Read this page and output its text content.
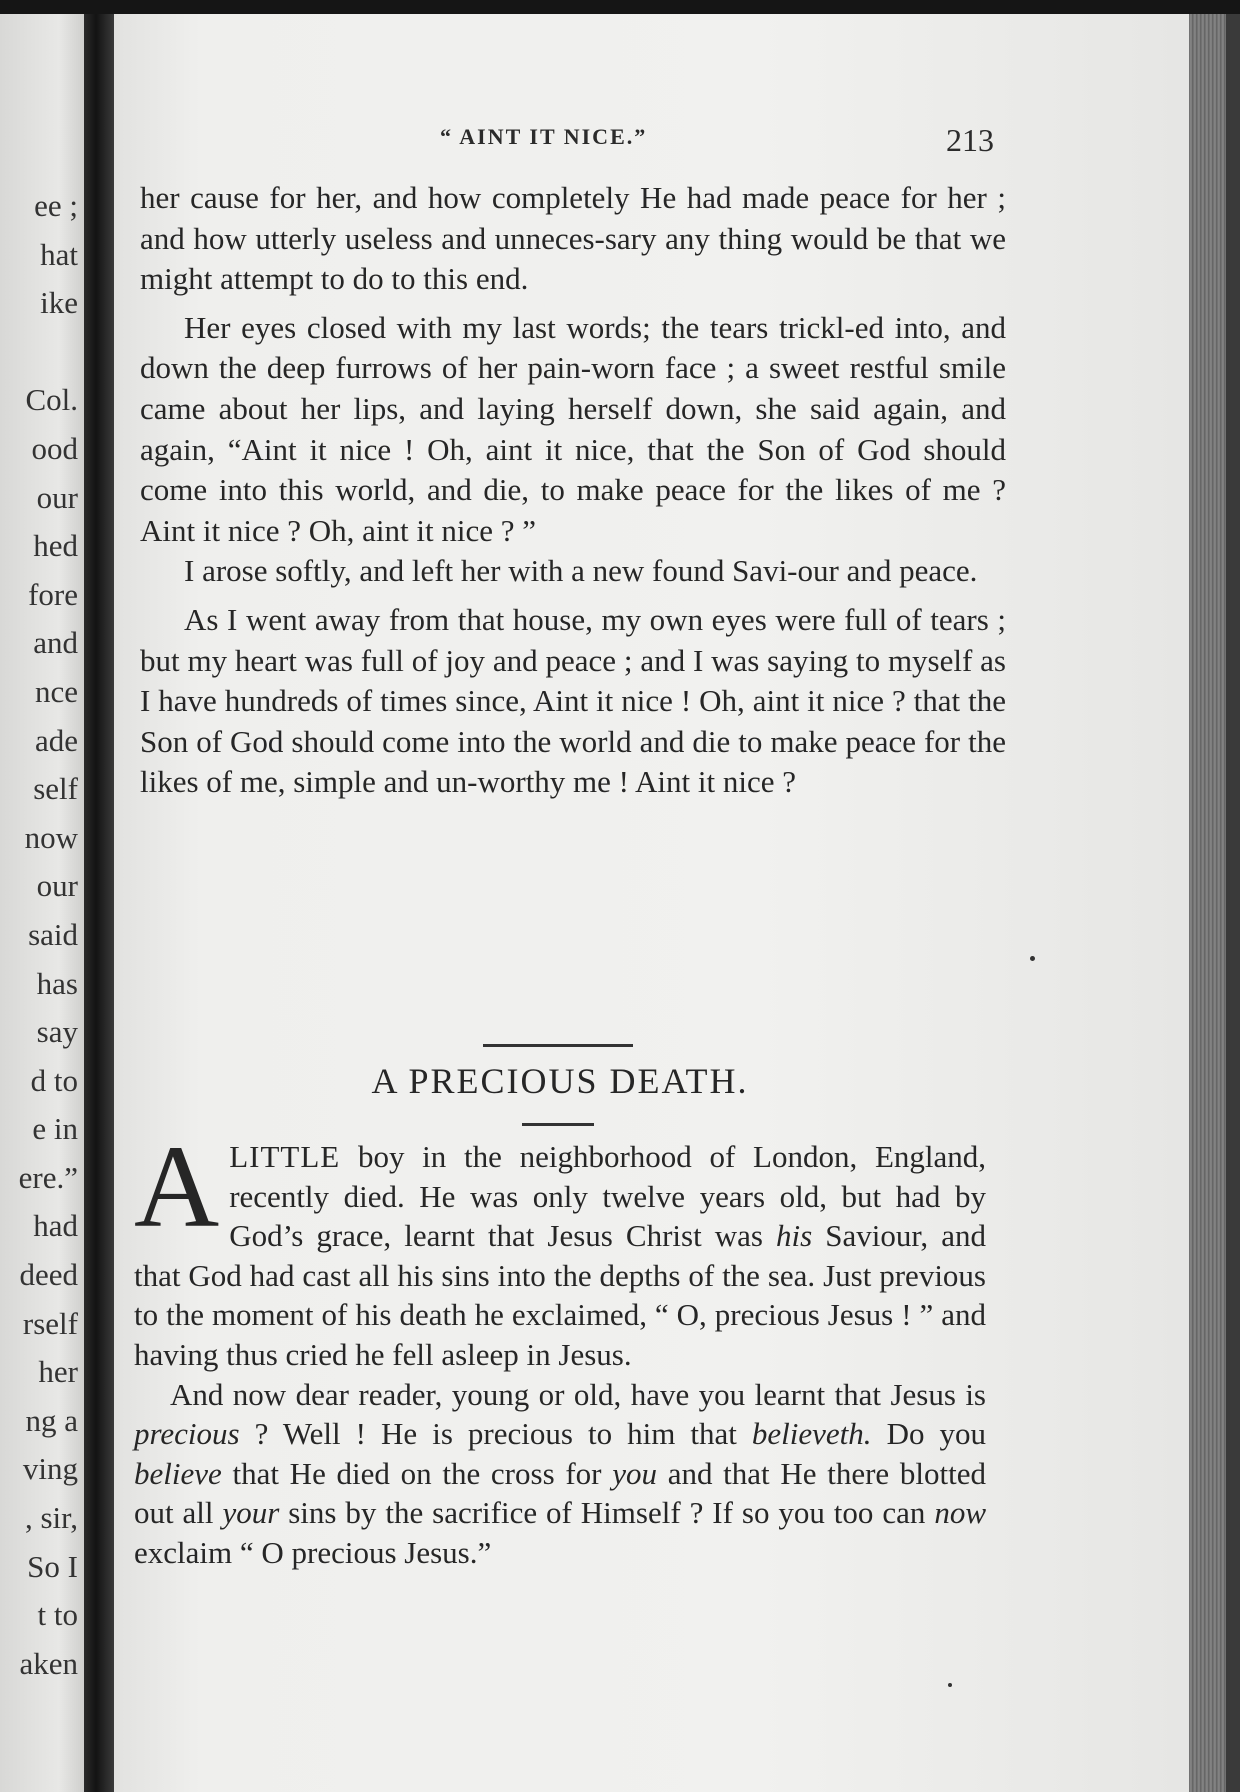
ee ;
hat
ike

Col.
ood
our
hed
fore
and
nce
ade
self
now
our
said
has
say
d to
e in
ere.”
had
deed
rself
her
ng a
ving
, sir,
So I
t to
aken
“ AINT IT NICE.”	213

her cause for her, and how completely He had made peace for her ; and how utterly useless and unneces-sary any thing would be that we might attempt to do to this end.

Her eyes closed with my last words; the tears trickl-ed into, and down the deep furrows of her pain-worn face ; a sweet restful smile came about her lips, and laying herself down, she said again, and again, “Aint it nice ! Oh, aint it nice, that the Son of God should come into this world, and die, to make peace for the likes of me ? Aint it nice ? Oh, aint it nice ? ”

I arose softly, and left her with a new found Savi-our and peace.

As I went away from that house, my own eyes were full of tears ; but my heart was full of joy and peace ; and I was saying to myself as I have hundreds of times since, Aint it nice ! Oh, aint it nice ? that the Son of God should come into the world and die to make peace for the likes of me, simple and un-worthy me ! Aint it nice ?

A PRECIOUS DEATH.

ALITTLE boy in the neighborhood of London, England, recently died. He was only twelve years old, but had by God’s grace, learnt that Jesus Christ was his Saviour, and that God had cast all his sins into the depths of the sea. Just previous to the moment of his death he exclaimed, “ O, precious Jesus ! ” and having thus cried he fell asleep in Jesus.

And now dear reader, young or old, have you learnt that Jesus is precious ? Well ! He is precious to him that believeth. Do you believe that He died on the cross for you and that He there blotted out all your sins by the sacrifice of Himself ? If so you too can now exclaim “ O precious Jesus.”
